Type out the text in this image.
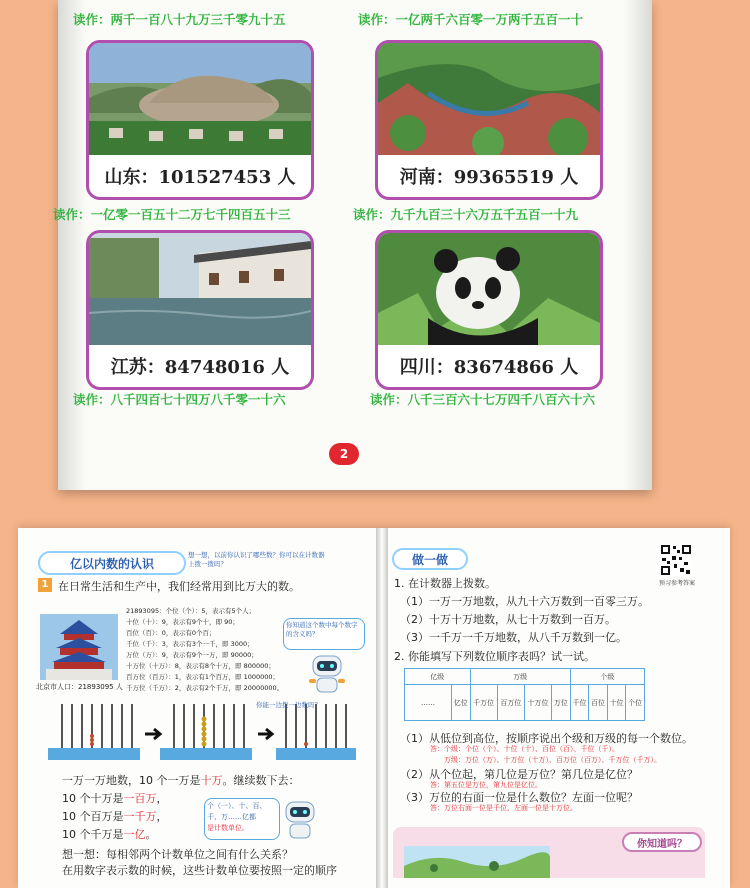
读作：两千一百八十九万三千零九十五	读作：一亿两千六百零一万两千五百一十
山东：101527453 人	河南：99365519 人
读作：一亿零一百五十二万七千四百五十三	读作：九千九百三十六万五千五百一十九
江苏：84748016 人	四川：83674866 人
读作：八千四百七十四万八千零一十六	读作：八千三百六十七万四千八百六十六
2
亿以内数的认识
想一想，以前你认识了哪些数？你可以在计数器上拨一拨吗？
1 在日常生活和生产中，我们经常用到比万大的数。
北京市人口：21893095 人
21893095：个位（个）：5，表示有5个人；
十位（十）：9，表示有9个十，即 90；
百位（百）：0，表示有0个百；
千位（千）：3，表示有3个一千，即 3000；
万位（万）：9，表示有9个一万，即 90000；
十万位（十万）：8，表示有8个十万，即 800000；
百万位（百万）：1，表示有1个百万，即 1000000；
千万位（千万）：2，表示有2个千万，即 20000000。
你知道这个数中每个数字的含义吗？
你能一边拨一边数吗？
一万一万地数，10 个一万是十万。继续数下去：
10 个十万是一百万，
10 个百万是一千万，
10 个千万是一亿。
个（一）、十、百、
千、万……亿都
是计数单位。
想一想：每相邻两个计数单位之间有什么关系？
在用数字表示数的时候，这些计数单位要按照一定的顺序
做一做
预习参考答案
1. 在计数器上拨数。
（1）一万一万地数，从九十六万数到一百零三万。
（2）十万十万地数，从七十万数到一百万。
（3）一千万一千万地数，从八千万数到一亿。
2. 你能填写下列数位顺序表吗？试一试。
亿级		万级				个级			
……	亿位	千万位	百万位	十万位	万位	千位	百位	十位	个位
（1）从低位到高位，按顺序说出个级和万级的每一个数位。
答：个级：个位（个）、十位（十）、百位（百）、千位（千）。
万级：万位（万）、十万位（十万）、百万位（百万）、千万位（千万）。
（2）从个位起，第几位是万位？第几位是亿位？
答：第五位是万位，第九位是亿位。
（3）万位的右面一位是什么数位？左面一位呢？
答：万位右面一位是千位，左面一位是十万位。
你知道吗？
